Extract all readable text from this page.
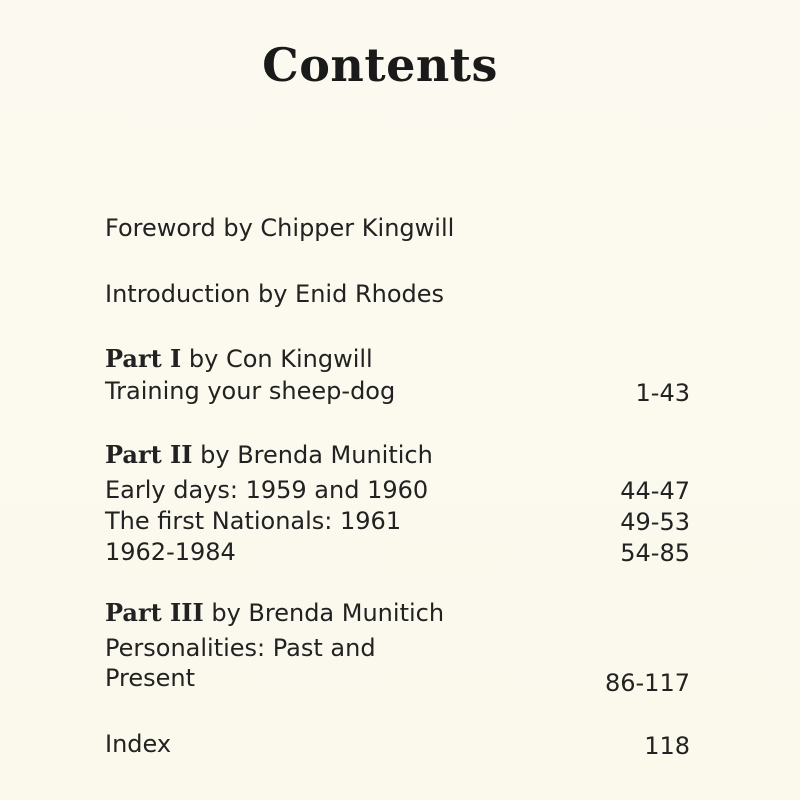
Contents
Foreword by Chipper Kingwill
Introduction by Enid Rhodes
Part I by Con Kingwill
Training your sheep-dog	1-43
Part II by Brenda Munitich
Early days: 1959 and 1960	44-47
The first Nationals: 1961	49-53
1962-1984	54-85
Part III by Brenda Munitich
Personalities: Past and
Present	86-117
Index	118
